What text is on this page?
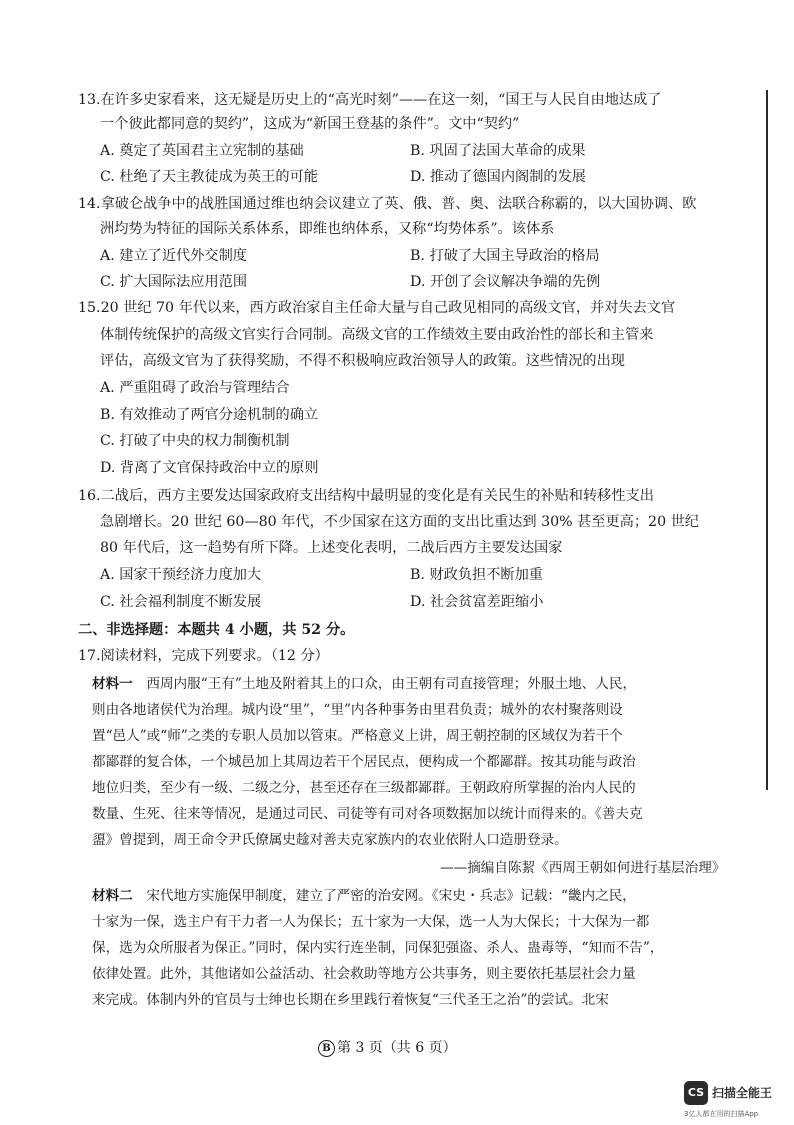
13.在许多史家看来，这无疑是历史上的“高光时刻”——在这一刻，“国王与人民自由地达成了
一个彼此都同意的契约”，这成为“新国王登基的条件”。文中“契约”
A. 奠定了英国君主立宪制的基础	B. 巩固了法国大革命的成果
C. 杜绝了天主教徒成为英王的可能	D. 推动了德国内阁制的发展
14.拿破仑战争中的战胜国通过维也纳会议建立了英、俄、普、奥、法联合称霸的，以大国协调、欧
洲均势为特征的国际关系体系，即维也纳体系，又称“均势体系”。该体系
A. 建立了近代外交制度	B. 打破了大国主导政治的格局
C. 扩大国际法应用范围	D. 开创了会议解决争端的先例
15.20 世纪 70 年代以来，西方政治家自主任命大量与自己政见相同的高级文官，并对失去文官
体制传统保护的高级文官实行合同制。高级文官的工作绩效主要由政治性的部长和主管来
评估，高级文官为了获得奖励，不得不积极响应政治领导人的政策。这些情况的出现
A. 严重阻碍了政治与管理结合
B. 有效推动了两官分途机制的确立
C. 打破了中央的权力制衡机制
D. 背离了文官保持政治中立的原则
16.二战后，西方主要发达国家政府支出结构中最明显的变化是有关民生的补贴和转移性支出
急剧增长。20 世纪 60—80 年代，不少国家在这方面的支出比重达到 30% 甚至更高；20 世纪
80 年代后，这一趋势有所下降。上述变化表明，二战后西方主要发达国家
A. 国家干预经济力度加大	B. 财政负担不断加重
C. 社会福利制度不断发展	D. 社会贫富差距缩小
二、非选择题：本题共 4 小题，共 52 分。
17.阅读材料，完成下列要求。（12 分）
材料一　西周内服“王有”土地及附着其上的口众，由王朝有司直接管理；外服土地、人民，
则由各地诸侯代为治理。城内设“里”，“里”内各种事务由里君负责；城外的农村聚落则设
置“邑人”或“师”之类的专职人员加以管束。严格意义上讲，周王朝控制的区域仅为若干个
都鄙群的复合体，一个城邑加上其周边若干个居民点，便构成一个都鄙群。按其功能与政治
地位归类，至少有一级、二级之分，甚至还存在三级都鄙群。王朝政府所掌握的治内人民的
数量、生死、往来等情况，是通过司民、司徒等有司对各项数据加以统计而得来的。《善夫克
盨》曾提到，周王命令尹氏僚属史趛对善夫克家族内的农业依附人口造册登录。
——摘编自陈絜《西周王朝如何进行基层治理》
材料二　宋代地方实施保甲制度，建立了严密的治安网。《宋史・兵志》记载：“畿内之民，
十家为一保，选主户有干力者一人为保长；五十家为一大保，选一人为大保长；十大保为一都
保，选为众所服者为保正。”同时，保内实行连坐制，同保犯强盗、杀人、蛊毒等，“知而不告”，
依律处置。此外，其他诸如公益活动、社会救助等地方公共事务，则主要依托基层社会力量
来完成。体制内外的官员与士绅也长期在乡里践行着恢复“三代圣王之治”的尝试。北宋
B 第 3 页（共 6 页）
CS 扫描全能王
3亿人都在用的扫描App
